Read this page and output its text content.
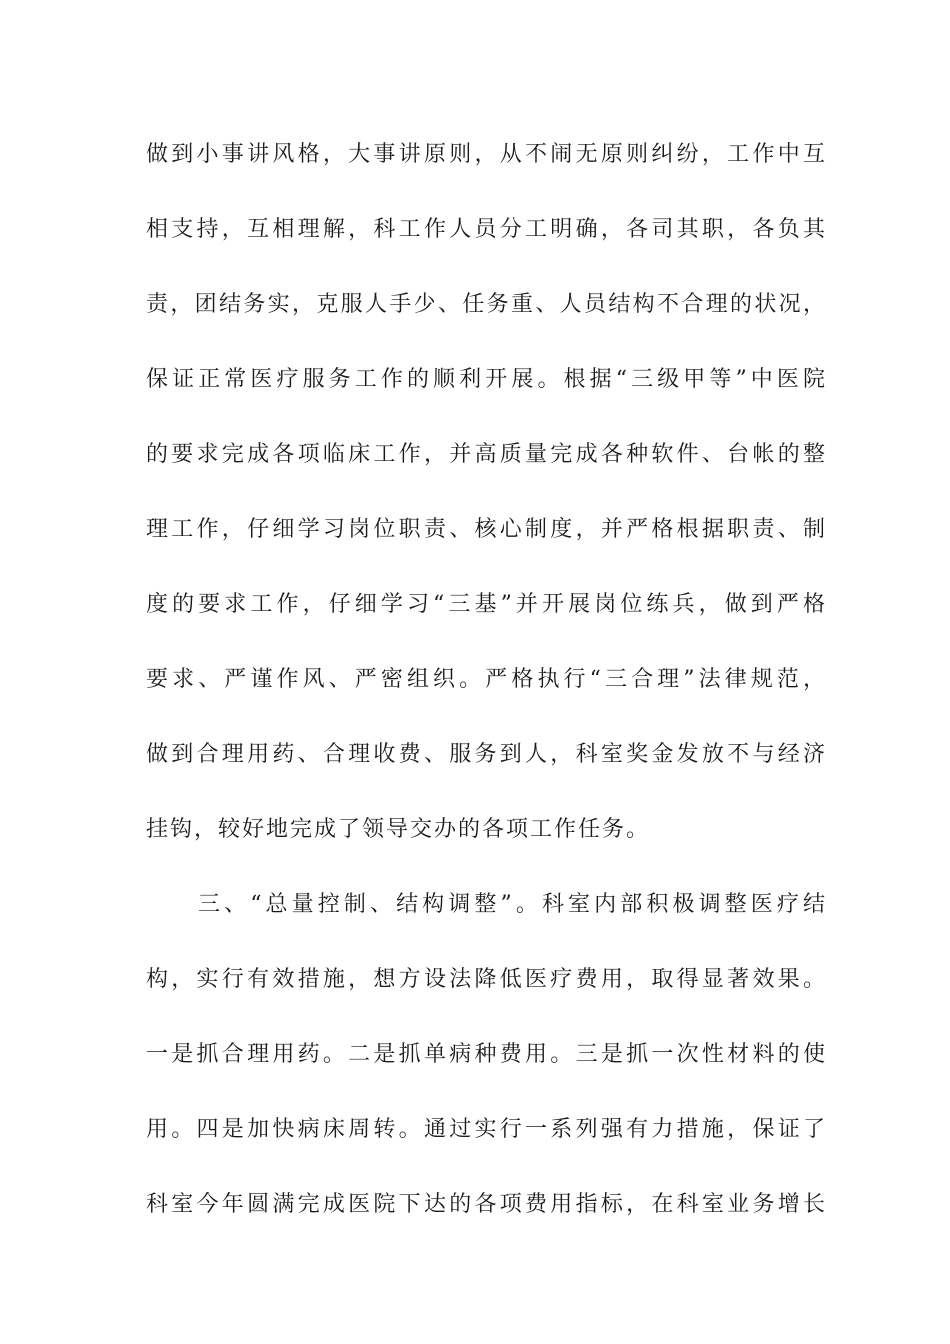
做到小事讲风格，大事讲原则，从不闹无原则纠纷，工作中互
相支持，互相理解，科工作人员分工明确，各司其职，各负其
责，团结务实，克服人手少、任务重、人员结构不合理的状况，
保证正常医疗服务工作的顺利开展。根据“三级甲等”中医院
的要求完成各项临床工作，并高质量完成各种软件、台帐的整
理工作，仔细学习岗位职责、核心制度，并严格根据职责、制
度的要求工作，仔细学习“三基”并开展岗位练兵，做到严格
要求、严谨作风、严密组织。严格执行“三合理”法律规范，
做到合理用药、合理收费、服务到人，科室奖金发放不与经济
挂钩，较好地完成了领导交办的各项工作任务。
三、“总量控制、结构调整”。科室内部积极调整医疗结
构，实行有效措施，想方设法降低医疗费用，取得显著效果。
一是抓合理用药。二是抓单病种费用。三是抓一次性材料的使
用。四是加快病床周转。通过实行一系列强有力措施，保证了
科室今年圆满完成医院下达的各项费用指标，在科室业务增长
